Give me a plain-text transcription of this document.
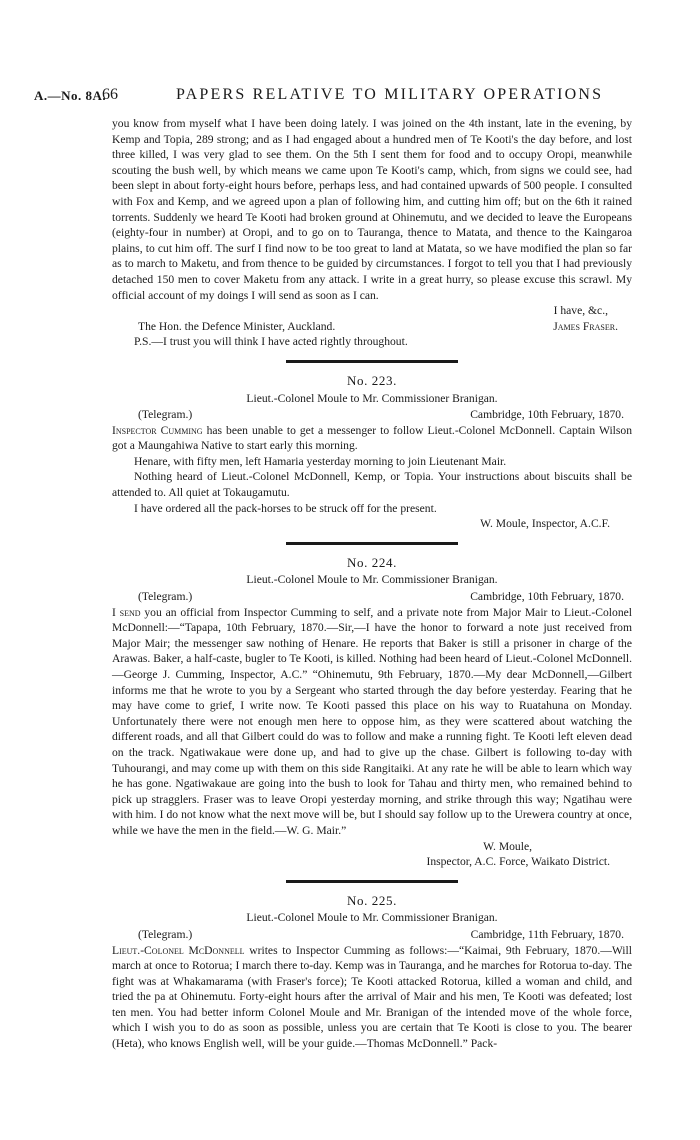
A.—No. 8A.
66	PAPERS RELATIVE TO MILITARY OPERATIONS

you know from myself what I have been doing lately. I was joined on the 4th instant, late in the evening, by Kemp and Topia, 289 strong; and as I had engaged about a hundred men of Te Kooti's the day before, and lost three killed, I was very glad to see them. On the 5th I sent them for food and to occupy Oropi, meanwhile scouting the bush well, by which means we came upon Te Kooti's camp, which, from signs we could see, had been slept in about forty-eight hours before, perhaps less, and had contained upwards of 500 people. I consulted with Fox and Kemp, and we agreed upon a plan of following him, and cutting him off; but on the 6th it rained torrents. Suddenly we heard Te Kooti had broken ground at Ohinemutu, and we decided to leave the Europeans (eighty-four in number) at Oropi, and to go on to Tauranga, thence to Matata, and thence to the Kaingaroa plains, to cut him off. The surf I find now to be too great to land at Matata, so we have modified the plan so far as to march to Maketu, and from thence to be guided by circumstances. I forgot to tell you that I had previously detached 150 men to cover Maketu from any attack. I write in a great hurry, so please excuse this scrawl. My official account of my doings I will send as soon as I can.

I have, &c.,

The Hon. the Defence Minister, Auckland.	James Fraser.

P.S.—I trust you will think I have acted rightly throughout.

No. 223.
Lieut.-Colonel Moule to Mr. Commissioner Branigan.
(Telegram.)	Cambridge, 10th February, 1870.

Inspector Cumming has been unable to get a messenger to follow Lieut.-Colonel McDonnell. Captain Wilson got a Maungahiwa Native to start early this morning.

Henare, with fifty men, left Hamaria yesterday morning to join Lieutenant Mair.

Nothing heard of Lieut.-Colonel McDonnell, Kemp, or Topia. Your instructions about biscuits shall be attended to. All quiet at Tokaugamutu.

I have ordered all the pack-horses to be struck off for the present.

W. Moule, Inspector, A.C.F.

No. 224.
Lieut.-Colonel Moule to Mr. Commissioner Branigan.
(Telegram.)	Cambridge, 10th February, 1870.

I send you an official from Inspector Cumming to self, and a private note from Major Mair to Lieut.-Colonel McDonnell:—“Tapapa, 10th February, 1870.—Sir,—I have the honor to forward a note just received from Major Mair; the messenger saw nothing of Henare. He reports that Baker is still a prisoner in charge of the Arawas. Baker, a half-caste, bugler to Te Kooti, is killed. Nothing had been heard of Lieut.-Colonel McDonnell. —George J. Cumming, Inspector, A.C.” “Ohinemutu, 9th February, 1870.—My dear McDonnell,—Gilbert informs me that he wrote to you by a Sergeant who started through the day before yesterday. Fearing that he may have come to grief, I write now. Te Kooti passed this place on his way to Ruatahuna on Monday. Unfortunately there were not enough men here to oppose him, as they were scattered about watching the different roads, and all that Gilbert could do was to follow and make a running fight. Te Kooti left eleven dead on the track. Ngatiwakaue were done up, and had to give up the chase. Gilbert is following to-day with Tuhourangi, and may come up with them on this side Rangitaiki. At any rate he will be able to learn which way he has gone. Ngatiwakaue are going into the bush to look for Tahau and thirty men, who remained behind to pick up stragglers. Fraser was to leave Oropi yesterday morning, and strike through this way; Ngatihau were with him. I do not know what the next move will be, but I should say follow up to the Urewera country at once, while we have the men in the field.—W. G. Mair.”

W. Moule,

Inspector, A.C. Force, Waikato District.

No. 225.
Lieut.-Colonel Moule to Mr. Commissioner Branigan.
(Telegram.)	Cambridge, 11th February, 1870.

Lieut.-Colonel McDonnell writes to Inspector Cumming as follows:—“Kaimai, 9th February, 1870.—Will march at once to Rotorua; I march there to-day. Kemp was in Tauranga, and he marches for Rotorua to-day. The fight was at Whakamarama (with Fraser's force); Te Kooti attacked Rotorua, killed a woman and child, and tried the pa at Ohinemutu. Forty-eight hours after the arrival of Mair and his men, Te Kooti was defeated; lost ten men. You had better inform Colonel Moule and Mr. Branigan of the intended move of the whole force, which I wish you to do as soon as possible, unless you are certain that Te Kooti is close to you. The bearer (Heta), who knows English well, will be your guide.—Thomas McDonnell.” Pack-
